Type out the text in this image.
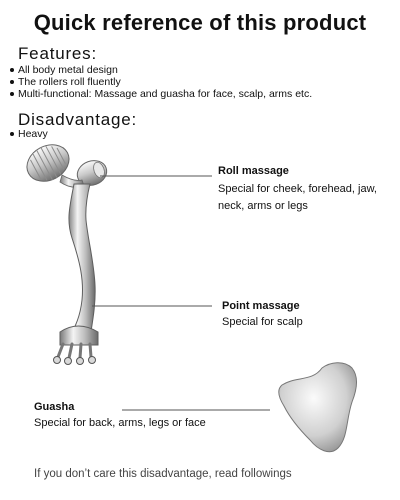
Quick reference of this product
Features:
All body metal design
The rollers roll fluently
Multi-functional: Massage and guasha for face, scalp, arms etc.
Disadvantage:
Heavy
Roll massage
Special for cheek, forehead, jaw, neck, arms or legs
Point massage
Special for scalp
Guasha
Special for back, arms, legs or face
If you don’t care this disadvantage, read followings
